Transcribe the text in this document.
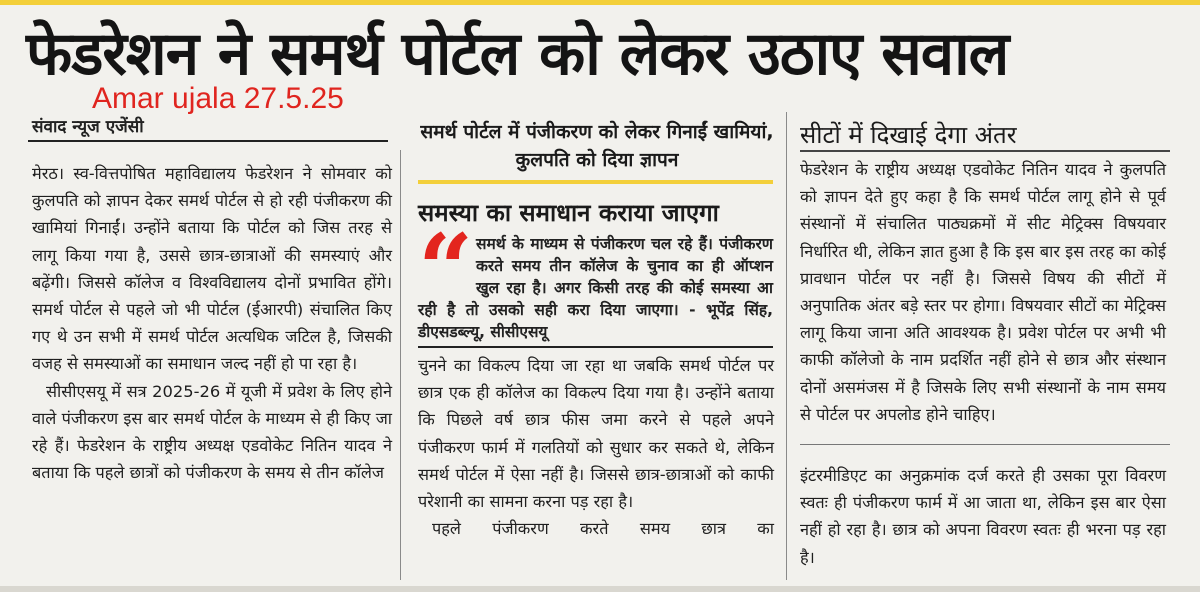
फेडरेशन ने समर्थ पोर्टल को लेकर उठाए सवाल
Amar ujala 27.5.25
संवाद न्यूज एजेंसी

मेरठ। स्व-वित्तपोषित महाविद्यालय फेडरेशन ने सोमवार को कुलपति को ज्ञापन देकर समर्थ पोर्टल से हो रही पंजीकरण की खामियां गिनाईं। उन्होंने बताया कि पोर्टल को जिस तरह से लागू किया गया है, उससे छात्र-छात्राओं की समस्याएं और बढ़ेंगी। जिससे कॉलेज व विश्वविद्यालय दोनों प्रभावित होंगे। समर्थ पोर्टल से पहले जो भी पोर्टल (ईआरपी) संचालित किए गए थे उन सभी में समर्थ पोर्टल अत्यधिक जटिल है, जिसकी वजह से समस्याओं का समाधान जल्द नहीं हो पा रहा है।

सीसीएसयू में सत्र 2025-26 में यूजी में प्रवेश के लिए होने वाले पंजीकरण इस बार समर्थ पोर्टल के माध्यम से ही किए जा रहे हैं। फेडरेशन के राष्ट्रीय अध्यक्ष एडवोकेट नितिन यादव ने बताया कि पहले छात्रों को पंजीकरण के समय से तीन कॉलेज

समर्थ पोर्टल में पंजीकरण को लेकर गिनाईं खामियां, कुलपति को दिया ज्ञापन
समस्या का समाधान कराया जाएगा
“ समर्थ के माध्यम से पंजीकरण चल रहे हैं। पंजीकरण करते समय तीन कॉलेज के चुनाव का ही ऑप्शन खुल रहा है। अगर किसी तरह की कोई समस्या आ रही है तो उसको सही करा दिया जाएगा। - भूपेंद्र सिंह, डीएसडब्ल्यू, सीसीएसयू

चुनने का विकल्प दिया जा रहा था जबकि समर्थ पोर्टल पर छात्र एक ही कॉलेज का विकल्प दिया गया है। उन्होंने बताया कि पिछले वर्ष छात्र फीस जमा करने से पहले अपने पंजीकरण फार्म में गलतियों को सुधार कर सकते थे, लेकिन समर्थ पोर्टल में ऐसा नहीं है। जिससे छात्र-छात्राओं को काफी परेशानी का सामना करना पड़ रहा है।

पहले पंजीकरण करते समय छात्र का

सीटों में दिखाई देगा अंतर

फेडरेशन के राष्ट्रीय अध्यक्ष एडवोकेट नितिन यादव ने कुलपति को ज्ञापन देते हुए कहा है कि समर्थ पोर्टल लागू होने से पूर्व संस्थानों में संचालित पाठ्यक्रमों में सीट मेट्रिक्स विषयवार निर्धारित थी, लेकिन ज्ञात हुआ है कि इस बार इस तरह का कोई प्रावधान पोर्टल पर नहीं है। जिससे विषय की सीटों में अनुपातिक अंतर बड़े स्तर पर होगा। विषयवार सीटों का मेट्रिक्स लागू किया जाना अति आवश्यक है। प्रवेश पोर्टल पर अभी भी काफी कॉलेजो के नाम प्रदर्शित नहीं होने से छात्र और संस्थान दोनों असमंजस में है जिसके लिए सभी संस्थानों के नाम समय से पोर्टल पर अपलोड होने चाहिए।

इंटरमीडिएट का अनुक्रमांक दर्ज करते ही उसका पूरा विवरण स्वतः ही पंजीकरण फार्म में आ जाता था, लेकिन इस बार ऐसा नहीं हो रहा है। छात्र को अपना विवरण स्वतः ही भरना पड़ रहा है।
